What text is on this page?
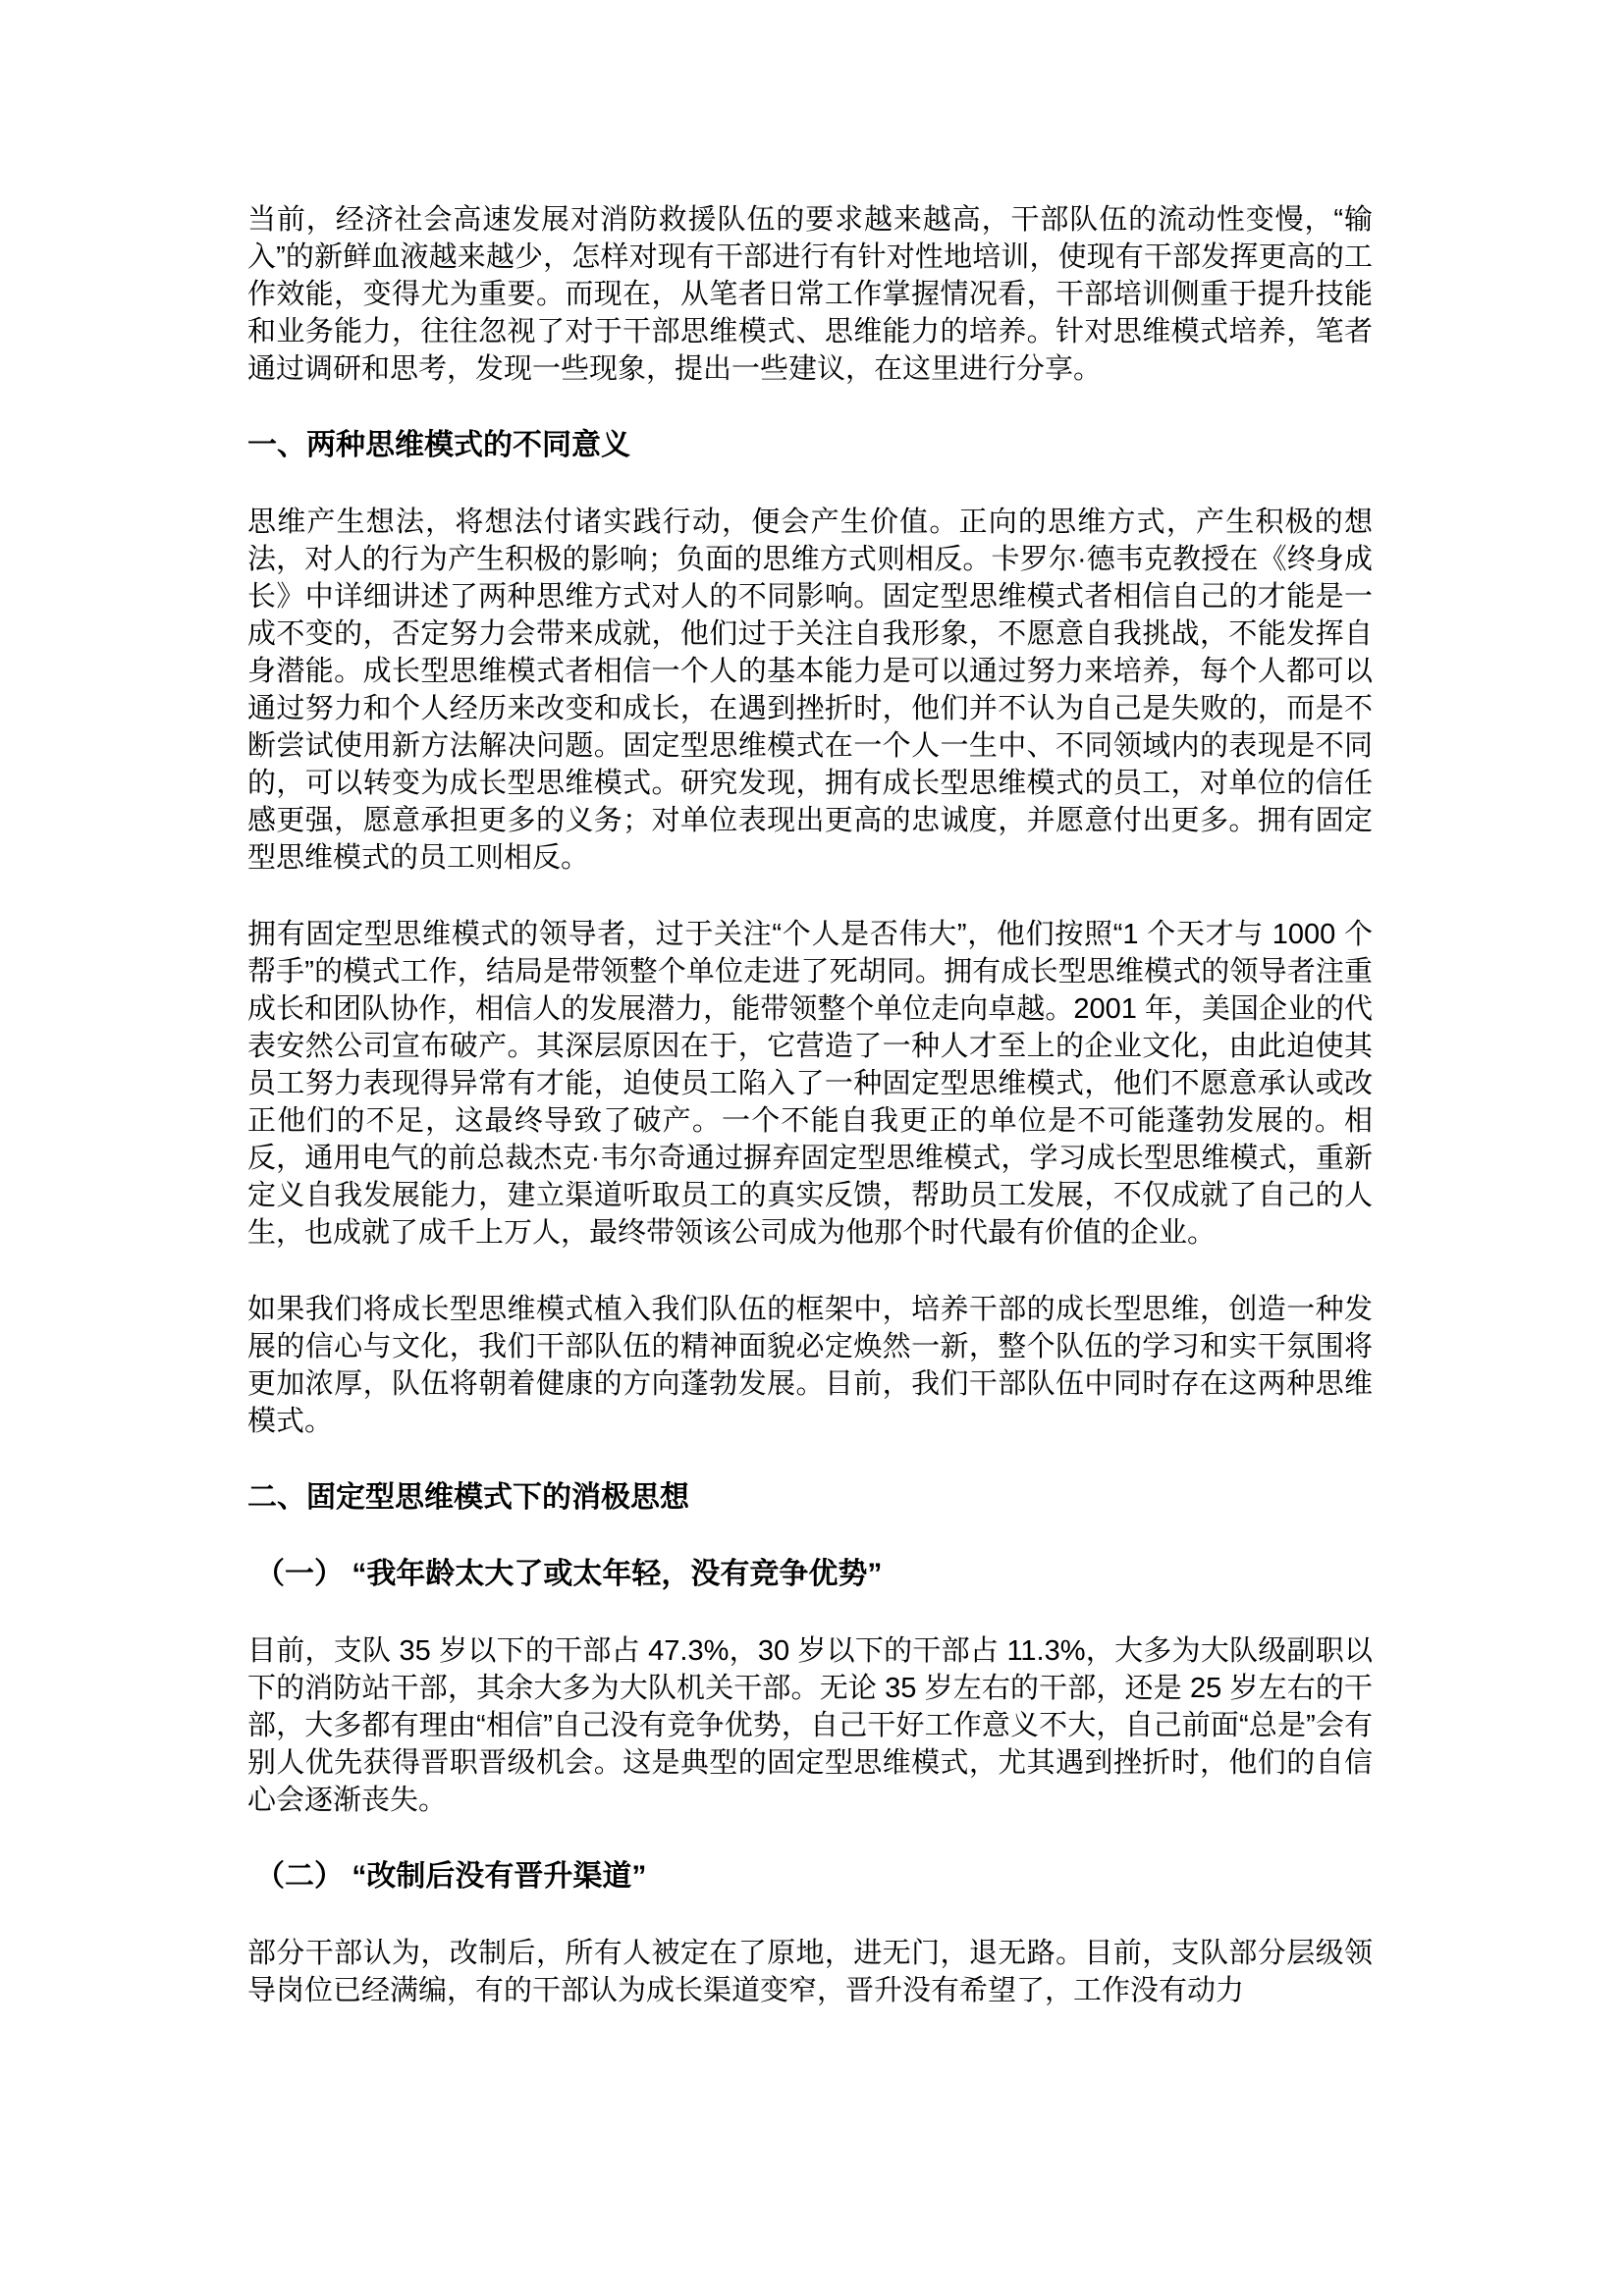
当前，经济社会高速发展对消防救援队伍的要求越来越高，干部队伍的流动性变慢，“输入”的新鲜血液越来越少，怎样对现有干部进行有针对性地培训，使现有干部发挥更高的工作效能，变得尤为重要。而现在，从笔者日常工作掌握情况看，干部培训侧重于提升技能和业务能力，往往忽视了对于干部思维模式、思维能力的培养。针对思维模式培养，笔者通过调研和思考，发现一些现象，提出一些建议，在这里进行分享。

一、两种思维模式的不同意义

思维产生想法，将想法付诸实践行动，便会产生价值。正向的思维方式，产生积极的想法，对人的行为产生积极的影响；负面的思维方式则相反。卡罗尔·德韦克教授在《终身成长》中详细讲述了两种思维方式对人的不同影响。固定型思维模式者相信自己的才能是一成不变的，否定努力会带来成就，他们过于关注自我形象，不愿意自我挑战，不能发挥自身潜能。成长型思维模式者相信一个人的基本能力是可以通过努力来培养，每个人都可以通过努力和个人经历来改变和成长，在遇到挫折时，他们并不认为自己是失败的，而是不断尝试使用新方法解决问题。固定型思维模式在一个人一生中、不同领域内的表现是不同的，可以转变为成长型思维模式。研究发现，拥有成长型思维模式的员工，对单位的信任感更强，愿意承担更多的义务；对单位表现出更高的忠诚度，并愿意付出更多。拥有固定型思维模式的员工则相反。

拥有固定型思维模式的领导者，过于关注“个人是否伟大”，他们按照“1 个天才与 1000 个帮手”的模式工作，结局是带领整个单位走进了死胡同。拥有成长型思维模式的领导者注重成长和团队协作，相信人的发展潜力，能带领整个单位走向卓越。2001 年，美国企业的代表安然公司宣布破产。其深层原因在于，它营造了一种人才至上的企业文化，由此迫使其员工努力表现得异常有才能，迫使员工陷入了一种固定型思维模式，他们不愿意承认或改正他们的不足，这最终导致了破产。一个不能自我更正的单位是不可能蓬勃发展的。相反，通用电气的前总裁杰克·韦尔奇通过摒弃固定型思维模式，学习成长型思维模式，重新定义自我发展能力，建立渠道听取员工的真实反馈，帮助员工发展，不仅成就了自己的人生，也成就了成千上万人，最终带领该公司成为他那个时代最有价值的企业。

如果我们将成长型思维模式植入我们队伍的框架中，培养干部的成长型思维，创造一种发展的信心与文化，我们干部队伍的精神面貌必定焕然一新，整个队伍的学习和实干氛围将更加浓厚，队伍将朝着健康的方向蓬勃发展。目前，我们干部队伍中同时存在这两种思维模式。

二、固定型思维模式下的消极思想
（一） “我年龄太大了或太年轻，没有竞争优势”

目前，支队 35 岁以下的干部占 47.3%，30 岁以下的干部占 11.3%，大多为大队级副职以下的消防站干部，其余大多为大队机关干部。无论 35 岁左右的干部，还是 25 岁左右的干部，大多都有理由“相信”自己没有竞争优势，自己干好工作意义不大，自己前面“总是”会有别人优先获得晋职晋级机会。这是典型的固定型思维模式，尤其遇到挫折时，他们的自信心会逐渐丧失。

（二） “改制后没有晋升渠道”

部分干部认为，改制后，所有人被定在了原地，进无门，退无路。目前，支队部分层级领导岗位已经满编，有的干部认为成长渠道变窄，晋升没有希望了，工作没有动力
